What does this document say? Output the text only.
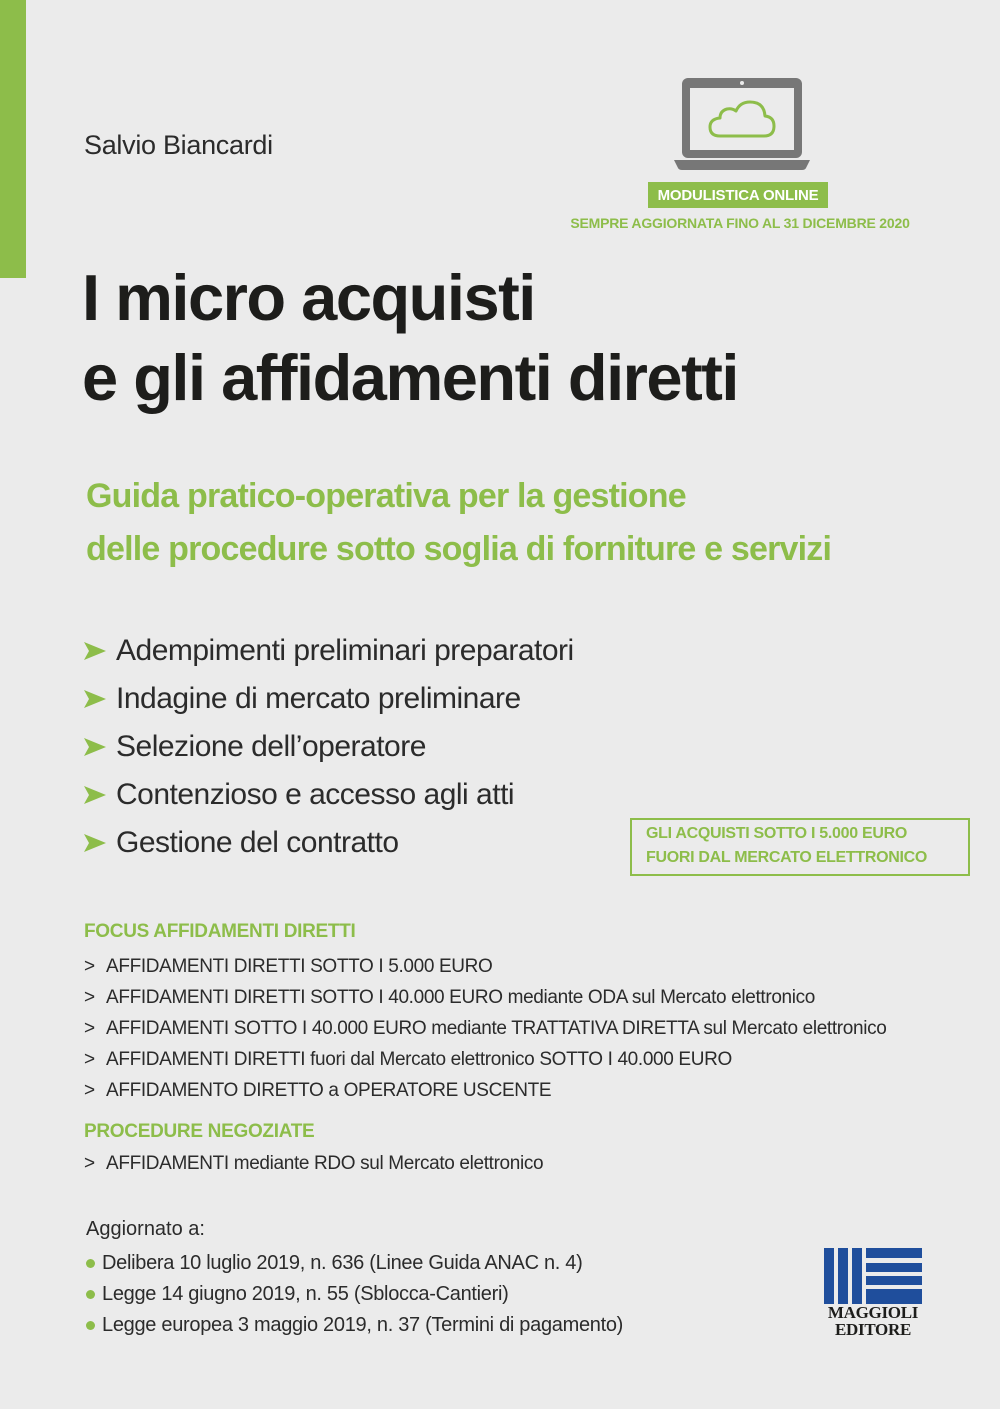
Salvio Biancardi
MODULISTICA ONLINE
SEMPRE AGGIORNATA FINO AL 31 DICEMBRE 2020
I micro acquisti
e gli affidamenti diretti
Guida pratico-operativa per la gestione
delle procedure sotto soglia di forniture e servizi
Adempimenti preliminari preparatori
Indagine di mercato preliminare
Selezione dell’operatore
Contenzioso e accesso agli atti
Gestione del contratto	GLI ACQUISTI SOTTO I 5.000 EURO
FUORI DAL MERCATO ELETTRONICO
FOCUS AFFIDAMENTI DIRETTI
> AFFIDAMENTI DIRETTI SOTTO I 5.000 EURO
> AFFIDAMENTI DIRETTI SOTTO I 40.000 EURO mediante ODA sul Mercato elettronico
> AFFIDAMENTI SOTTO I 40.000 EURO mediante TRATTATIVA DIRETTA sul Mercato elettronico
> AFFIDAMENTI DIRETTI fuori dal Mercato elettronico SOTTO I 40.000 EURO
> AFFIDAMENTO DIRETTO a OPERATORE USCENTE
PROCEDURE NEGOZIATE
> AFFIDAMENTI mediante RDO sul Mercato elettronico
Aggiornato a:
Delibera 10 luglio 2019, n. 636 (Linee Guida ANAC n. 4)
Legge 14 giugno 2019, n. 55 (Sblocca-Cantieri)
Legge europea 3 maggio 2019, n. 37 (Termini di pagamento)
MAGGIOLI
EDITORE
